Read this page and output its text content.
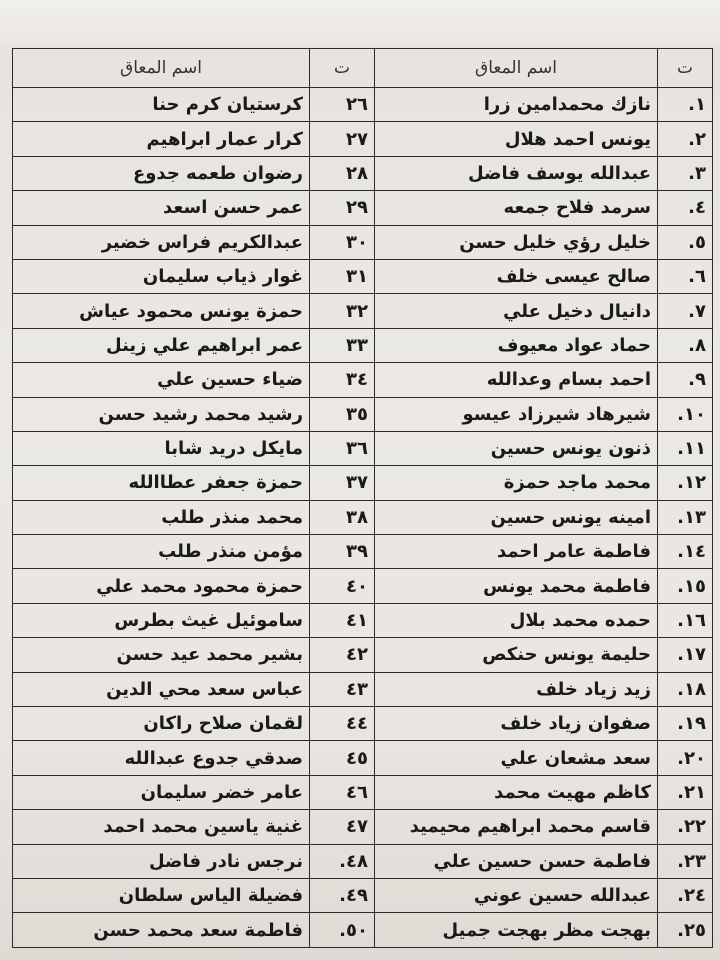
ت	اسم المعاق	ت	اسم المعاق
١.	نازك محمدامين زرا	٢٦	كرستيان كرم حنا
٢.	يونس احمد هلال	٢٧	كرار عمار ابراهيم
٣.	عبدالله يوسف فاضل	٢٨	رضوان طعمه جدوع
٤.	سرمد فلاح جمعه	٢٩	عمر حسن اسعد
٥.	خليل رؤي خليل حسن	٣٠	عبدالكريم فراس خضير
٦.	صالح عيسى خلف	٣١	غوار ذياب سليمان
٧.	دانيال دخيل علي	٣٢	حمزة يونس محمود عياش
٨.	حماد عواد معيوف	٣٣	عمر ابراهيم علي زينل
٩.	احمد بسام وعدالله	٣٤	ضياء حسين علي
١٠.	شيرهاد شيرزاد عيسو	٣٥	رشيد محمد رشيد حسن
١١.	ذنون يونس حسين	٣٦	مايكل دريد شابا
١٢.	محمد ماجد حمزة	٣٧	حمزة جعفر عطاالله
١٣.	امينه يونس حسين	٣٨	محمد منذر طلب
١٤.	فاطمة عامر احمد	٣٩	مؤمن منذر طلب
١٥.	فاطمة محمد يونس	٤٠	حمزة محمود محمد علي
١٦.	حمده محمد بلال	٤١	ساموئيل غيث بطرس
١٧.	حليمة يونس حنكص	٤٢	بشير محمد عيد حسن
١٨.	زيد زياد خلف	٤٣	عباس سعد محي الدين
١٩.	صفوان زياد خلف	٤٤	لقمان صلاح راكان
٢٠.	سعد مشعان علي	٤٥	صدقي جدوع عبدالله
٢١.	كاظم مهيت محمد	٤٦	عامر خضر سليمان
٢٢.	قاسم محمد ابراهيم محيميد	٤٧	غنية ياسين محمد احمد
٢٣.	فاطمة حسن حسين علي	٤٨.	نرجس نادر فاضل
٢٤.	عبدالله حسين عوني	٤٩.	فضيلة الياس سلطان
٢٥.	بهجت مظر بهجت جميل	٥٠.	فاطمة سعد محمد حسن
